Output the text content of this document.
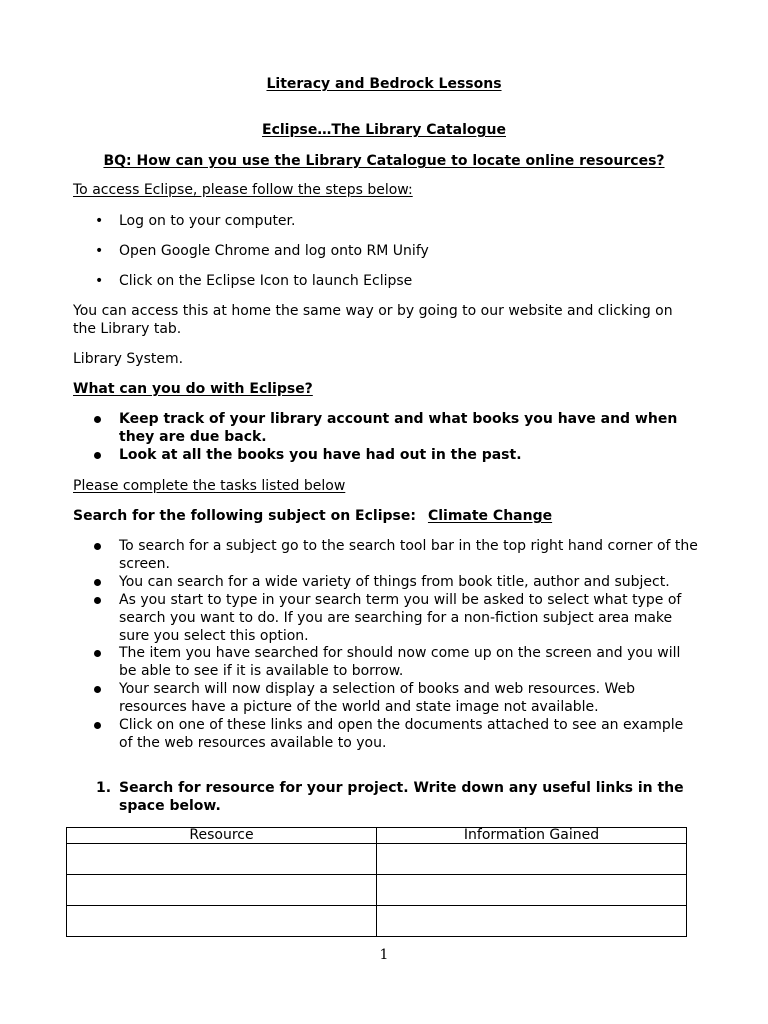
Literacy and Bedrock Lessons
Eclipse…The Library Catalogue
BQ: How can you use the Library Catalogue to locate online resources?
To access Eclipse, please follow the steps below:
• Log on to your computer.
• Open Google Chrome and log onto RM Unify
• Click on the Eclipse Icon to launch Eclipse
You can access this at home the same way or by going to our website and clicking on the Library tab.
Library System.
What can you do with Eclipse?
Keep track of your library account and what books you have and when they are due back.
Look at all the books you have had out in the past.
Please complete the tasks listed below
Search for the following subject on Eclipse: Climate Change
To search for a subject go to the search tool bar in the top right hand corner of the screen.
You can search for a wide variety of things from book title, author and subject.
As you start to type in your search term you will be asked to select what type of search you want to do. If you are searching for a non-fiction subject area make sure you select this option.
The item you have searched for should now come up on the screen and you will be able to see if it is available to borrow.
Your search will now display a selection of books and web resources. Web resources have a picture of the world and state image not available.
Click on one of these links and open the documents attached to see an example of the web resources available to you.
1. Search for resource for your project. Write down any useful links in the space below.
Resource	Information Gained

1
